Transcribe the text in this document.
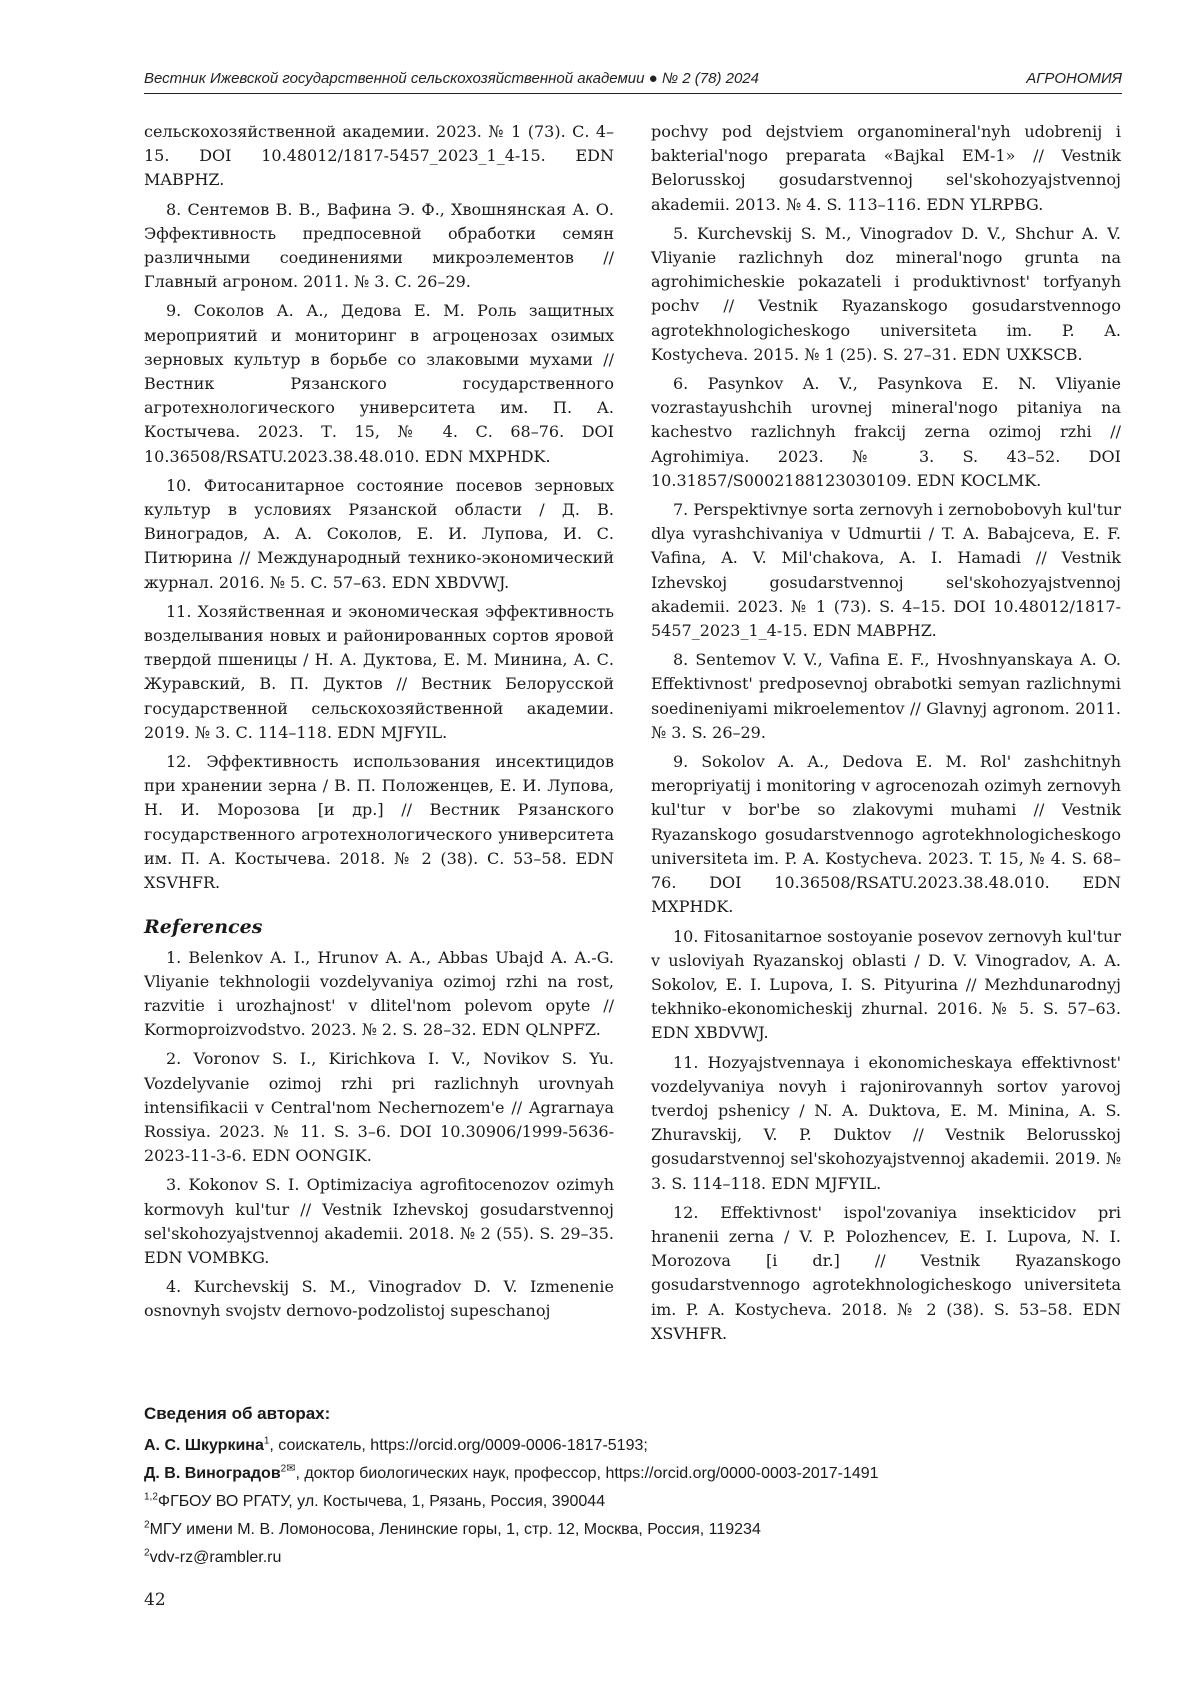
Вестник Ижевской государственной сельскохозяйственной академии ● № 2 (78) 2024	АГРОНОМИЯ

сельскохозяйственной академии. 2023. № 1 (73). С. 4–15. DOI 10.48012/1817-5457_2023_1_4-15. EDN MABPHZ.

8. Сентемов В. В., Вафина Э. Ф., Хвошнянская А. О. Эффективность предпосевной обработки семян различными соединениями микроэлементов // Главный агроном. 2011. № 3. С. 26–29.

9. Соколов А. А., Дедова Е. М. Роль защитных мероприятий и мониторинг в агроценозах озимых зерновых культур в борьбе со злаковыми мухами // Вестник Рязанского государственного агротехнологического университета им. П. А. Костычева. 2023. Т. 15, № 4. С. 68–76. DOI 10.36508/RSATU.2023.38.48.010. EDN MXPHDK.

10. Фитосанитарное состояние посевов зерновых культур в условиях Рязанской области / Д. В. Виноградов, А. А. Соколов, Е. И. Лупова, И. С. Питюрина // Международный технико-экономический журнал. 2016. № 5. С. 57–63. EDN XBDVWJ.

11. Хозяйственная и экономическая эффективность возделывания новых и районированных сортов яровой твердой пшеницы / Н. А. Дуктова, Е. М. Минина, А. С. Журавский, В. П. Дуктов // Вестник Белорусской государственной сельскохозяйственной академии. 2019. № 3. С. 114–118. EDN MJFYIL.

12. Эффективность использования инсектицидов при хранении зерна / В. П. Положенцев, Е. И. Лупова, Н. И. Морозова [и др.] // Вестник Рязанского государственного агротехнологического университета им. П. А. Костычева. 2018. № 2 (38). С. 53–58. EDN XSVHFR.

References

1. Belenkov A. I., Hrunov A. A., Abbas Ubajd A. A.-G. Vliyanie tekhnologii vozdelyvaniya ozimoj rzhi na rost, razvitie i urozhajnost' v dlitel'nom polevom opyte // Kormoproizvodstvo. 2023. № 2. S. 28–32. EDN QLNPFZ.

2. Voronov S. I., Kirichkova I. V., Novikov S. Yu. Vozdelyvanie ozimoj rzhi pri razlichnyh urovnyah intensifikacii v Central'nom Nechernozem'e // Agrarnaya Rossiya. 2023. № 11. S. 3–6. DOI 10.30906/1999-5636-2023-11-3-6. EDN OONGIK.

3. Kokonov S. I. Optimizaciya agrofitocenozov ozimyh kormovyh kul'tur // Vestnik Izhevskoj gosudarstvennoj sel'skohozyajstvennoj akademii. 2018. № 2 (55). S. 29–35. EDN VOMBKG.

4. Kurchevskij S. M., Vinogradov D. V. Izmenenie osnovnyh svojstv dernovo-podzolistoj supeschanoj

pochvy pod dejstviem organomineral'nyh udobrenij i bakterial'nogo preparata «Bajkal EM-1» // Vestnik Belorusskoj gosudarstvennoj sel'skohozyajstvennoj akademii. 2013. № 4. S. 113–116. EDN YLRPBG.

5. Kurchevskij S. M., Vinogradov D. V., Shchur A. V. Vliyanie razlichnyh doz mineral'nogo grunta na agrohimicheskie pokazateli i produktivnost' torfyanyh pochv // Vestnik Ryazanskogo gosudarstvennogo agrotekhnologicheskogo universiteta im. P. A. Kostycheva. 2015. № 1 (25). S. 27–31. EDN UXKSCB.

6. Pasynkov A. V., Pasynkova E. N. Vliyanie vozrastayushchih urovnej mineral'nogo pitaniya na kachestvo razlichnyh frakcij zerna ozimoj rzhi // Agrohimiya. 2023. № 3. S. 43–52. DOI 10.31857/S0002188123030109. EDN KOCLMK.

7. Perspektivnye sorta zernovyh i zernobobovyh kul'tur dlya vyrashchivaniya v Udmurtii / T. A. Babajceva, E. F. Vafina, A. V. Mil'chakova, A. I. Hamadi // Vestnik Izhevskoj gosudarstvennoj sel'skohozyajstvennoj akademii. 2023. № 1 (73). S. 4–15. DOI 10.48012/1817-5457_2023_1_4-15. EDN MABPHZ.

8. Sentemov V. V., Vafina E. F., Hvoshnyanskaya A. O. Effektivnost' predposevnoj obrabotki semyan razlichnymi soedineniyami mikroelementov // Glavnyj agronom. 2011. № 3. S. 26–29.

9. Sokolov A. A., Dedova E. M. Rol' zashchitnyh meropriyatij i monitoring v agrocenozah ozimyh zernovyh kul'tur v bor'be so zlakovymi muhami // Vestnik Ryazanskogo gosudarstvennogo agrotekhnologicheskogo universiteta im. P. A. Kostycheva. 2023. T. 15, № 4. S. 68–76. DOI 10.36508/RSATU.2023.38.48.010. EDN MXPHDK.

10. Fitosanitarnoe sostoyanie posevov zernovyh kul'tur v usloviyah Ryazanskoj oblasti / D. V. Vinogradov, A. A. Sokolov, E. I. Lupova, I. S. Pityurina // Mezhdunarodnyj tekhniko-ekonomicheskij zhurnal. 2016. № 5. S. 57–63. EDN XBDVWJ.

11. Hozyajstvennaya i ekonomicheskaya effektivnost' vozdelyvaniya novyh i rajonirovannyh sortov yarovoj tverdoj pshenicy / N. A. Duktova, E. M. Minina, A. S. Zhuravskij, V. P. Duktov // Vestnik Belorusskoj gosudarstvennoj sel'skohozyajstvennoj akademii. 2019. № 3. S. 114–118. EDN MJFYIL.

12. Effektivnost' ispol'zovaniya insekticidov pri hranenii zerna / V. P. Polozhencev, E. I. Lupova, N. I. Morozova [i dr.] // Vestnik Ryazanskogo gosudarstvennogo agrotekhnologicheskogo universiteta im. P. A. Kostycheva. 2018. № 2 (38). S. 53–58. EDN XSVHFR.

Сведения об авторах:
А. С. Шкуркина$^1$, соискатель, https://orcid.org/0009-0006-1817-5193;
Д. В. Виноградов$^{2✉}$, доктор биологических наук, профессор, https://orcid.org/0000-0003-2017-1491
$^{1,2}$ФГБОУ ВО РГАТУ, ул. Костычева, 1, Рязань, Россия, 390044
$^2$МГУ имени М. В. Ломоносова, Ленинские горы, 1, стр. 12, Москва, Россия, 119234
$^2$vdv-rz@rambler.ru
42
